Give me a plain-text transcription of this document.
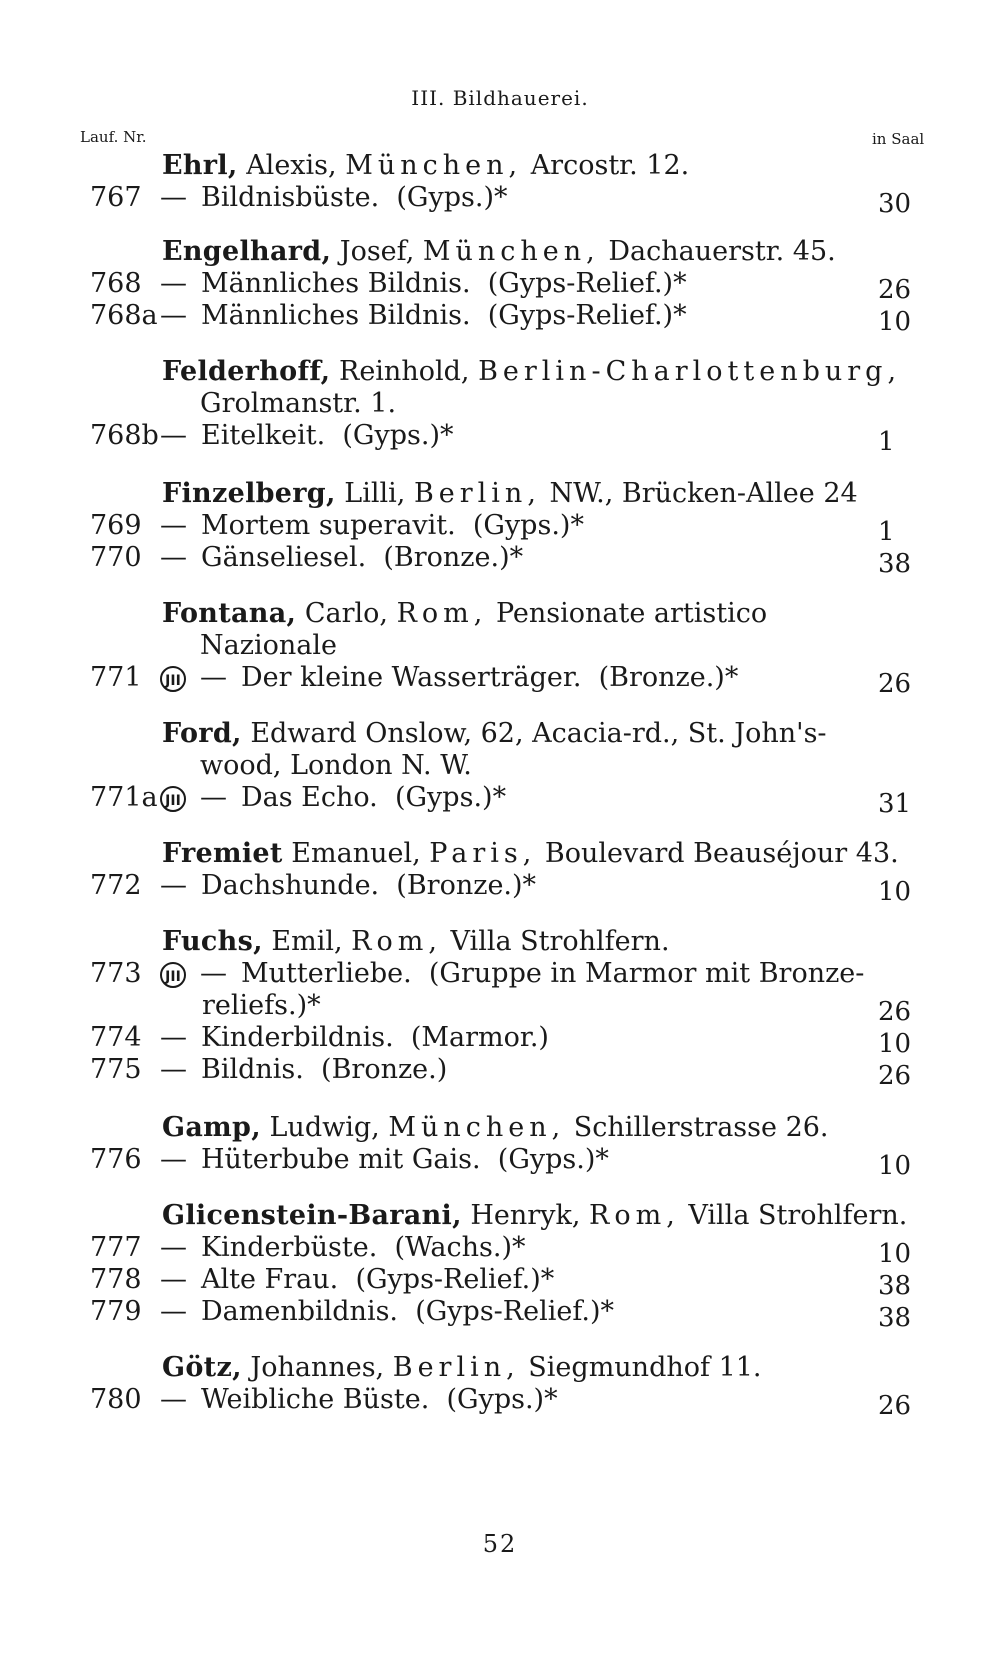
III. Bildhauerei.
Lauf. Nr.	in Saal
Ehrl, Alexis, München, Arcostr. 12.
767 — Bildnisbüste. (Gyps.)*	30
Engelhard, Josef, München, Dachauerstr. 45.
768 — Männliches Bildnis. (Gyps-Relief.)*	26
768a — Männliches Bildnis. (Gyps-Relief.)*	10
Felderhoff, Reinhold, Berlin-Charlottenburg,
Grolmanstr. 1.
768b — Eitelkeit. (Gyps.)*	1
Finzelberg, Lilli, Berlin, NW., Brücken-Allee 24
769 — Mortem superavit. (Gyps.)*	1
770 — Gänseliesel. (Bronze.)*	38
Fontana, Carlo, Rom, Pensionate artistico
Nazionale
771	JII — Der kleine Wasserträger. (Bronze.)*	26
Ford, Edward Onslow, 62, Acacia-rd., St. John's-
wood, London N. W.
771a JII — Das Echo. (Gyps.)*	31
Fremiet Emanuel, Paris, Boulevard Beauséjour 43.
772 — Dachshunde. (Bronze.)*	10
Fuchs, Emil, Rom, Villa Strohlfern.
773	JII — Mutterliebe. (Gruppe in Marmor mit Bronze-
reliefs.)*	26
774 — Kinderbildnis. (Marmor.)	10
775 — Bildnis. (Bronze.)	26
Gamp, Ludwig, München, Schillerstrasse 26.
776 — Hüterbube mit Gais. (Gyps.)*	10
Glicenstein-Barani, Henryk, Rom, Villa Strohlfern.
777 — Kinderbüste. (Wachs.)*	10
778 — Alte Frau. (Gyps-Relief.)*	38
779 — Damenbildnis. (Gyps-Relief.)*	38
Götz, Johannes, Berlin, Siegmundhof 11.
780 — Weibliche Büste. (Gyps.)*	26
52
